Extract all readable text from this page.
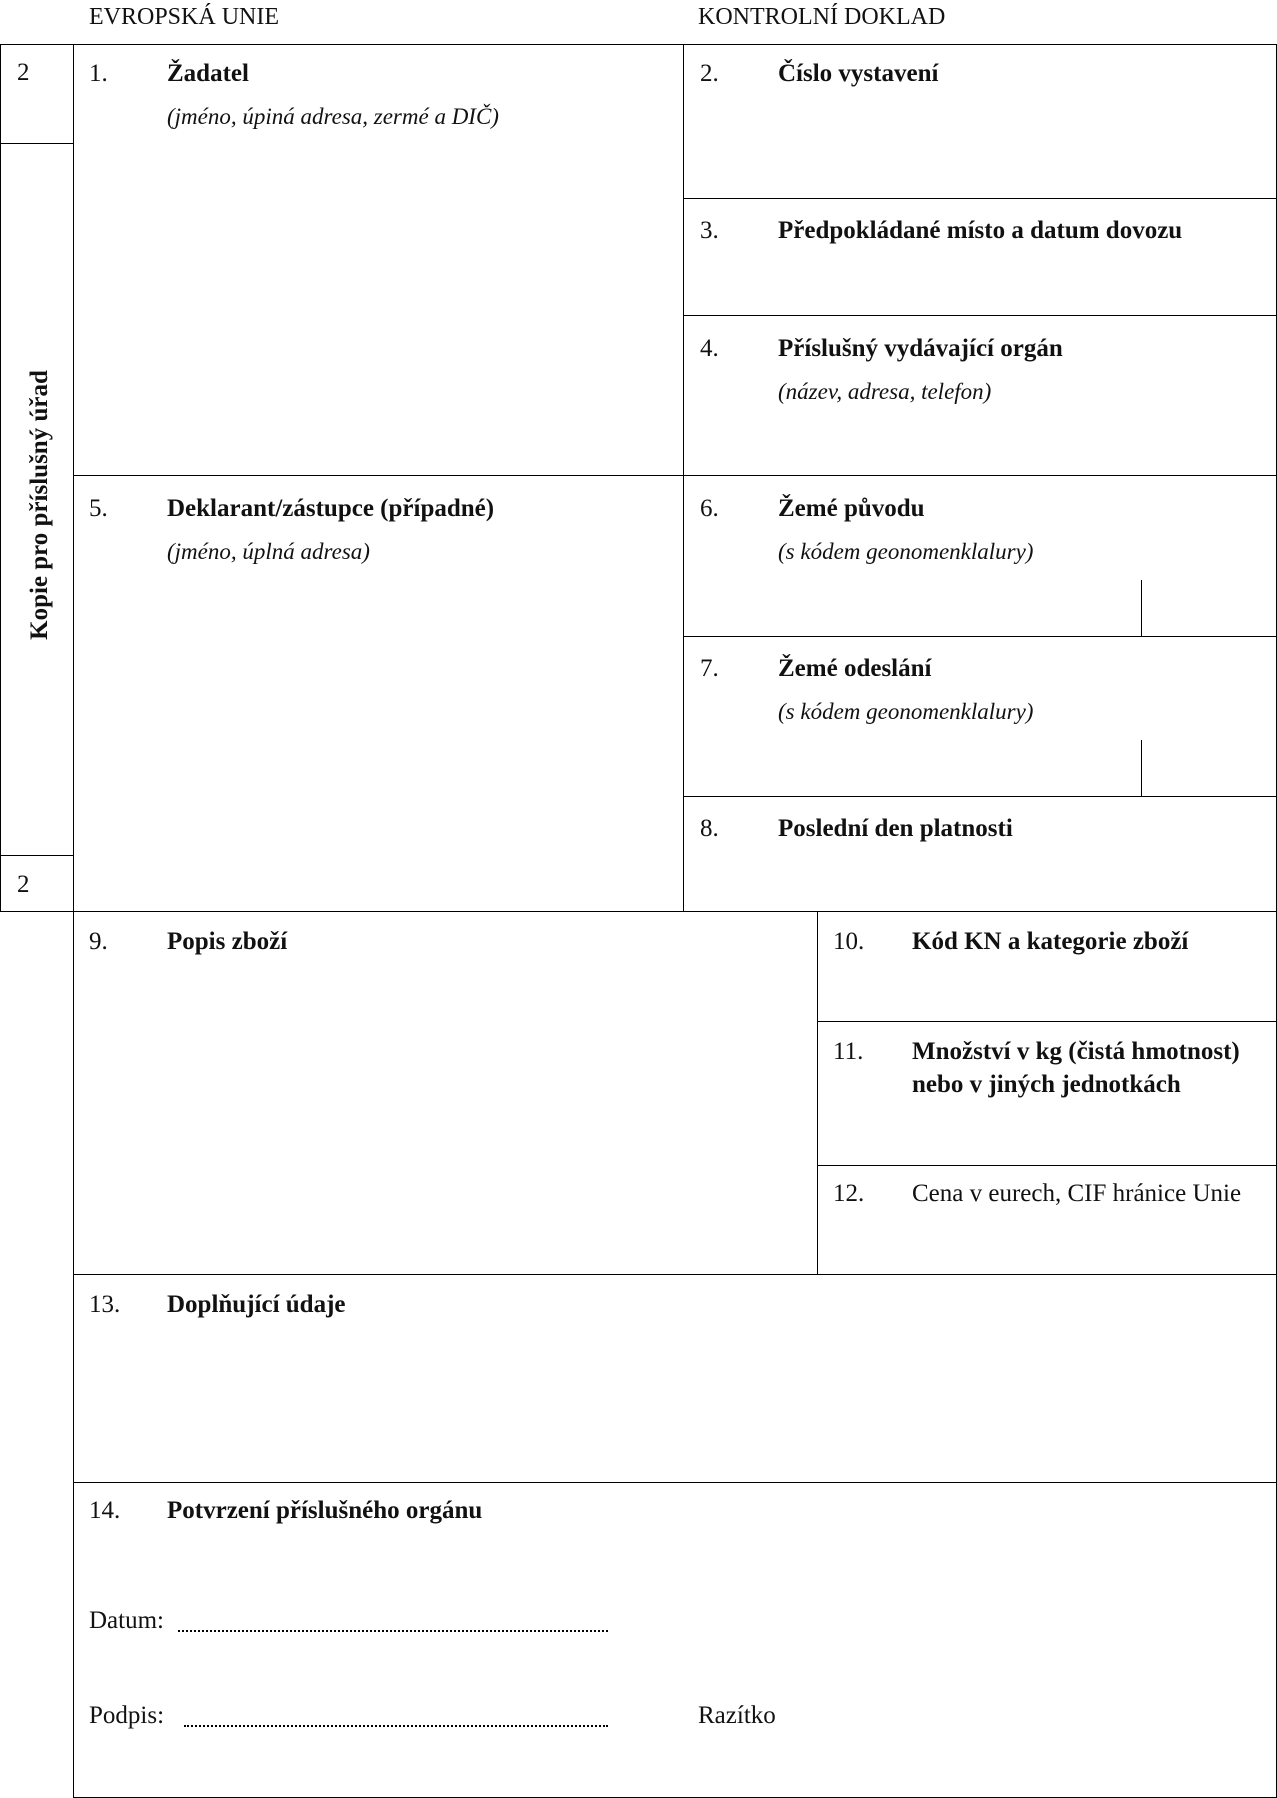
EVROPSKÁ UNIE	KONTROLNÍ DOKLAD
2
2
Kopie pro příslušný úřad
1. Žadatel
(jméno, úpiná adresa, zermé a DIČ)
2. Číslo vystavení
3. Předpokládané místo a datum dovozu
4. Příslušný vydávající orgán
(název, adresa, telefon)
5. Deklarant/zástupce (případné)
(jméno, úplná adresa)
6. Žemé původu
(s kódem geonomenklalury)
7. Žemé odeslání
(s kódem geonomenklalury)
8. Poslední den platnosti
9. Popis zboží	10. Kód KN a kategorie zboží
11. Množství v kg (čistá hmotnost)
nebo v jiných jednotkách
12. Cena v eurech, CIF hránice Unie
13. Doplňující údaje
14. Potvrzení příslušného orgánu
Datum:
Podpis:	Razítko
